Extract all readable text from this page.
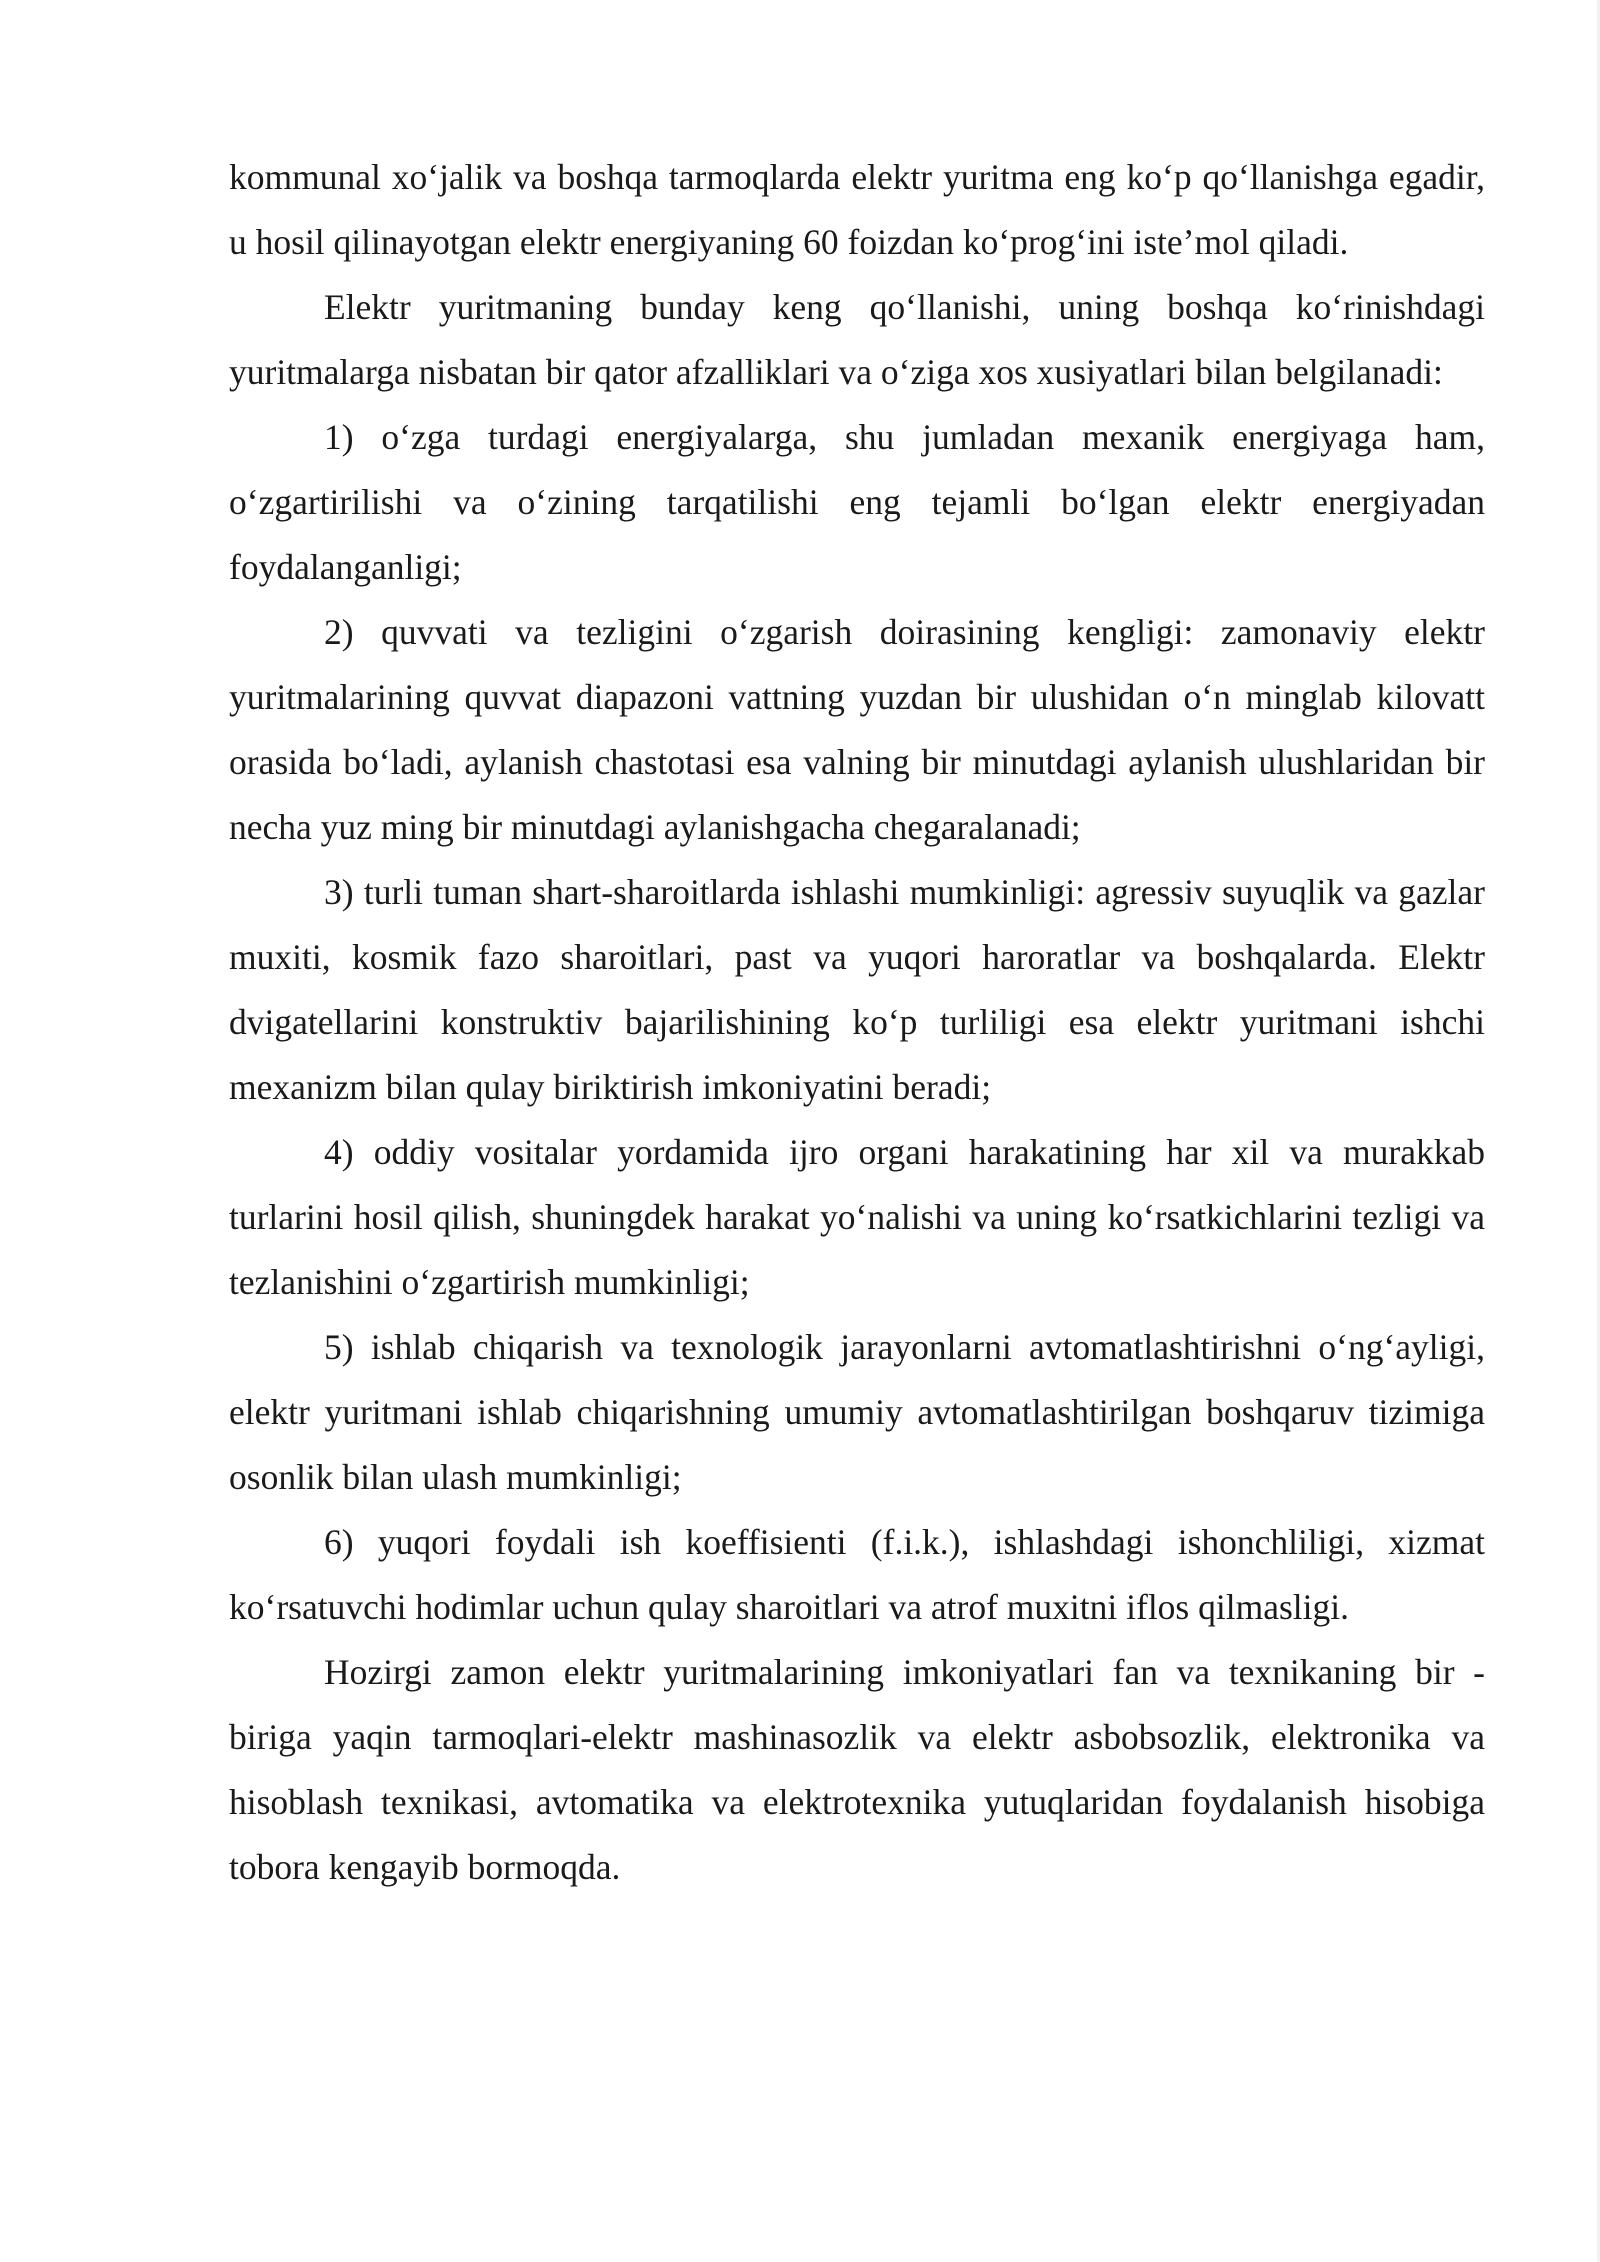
kommunal xoʻjalik va boshqa tarmoqlarda elektr yuritma eng koʻp qoʻllanishga egadir, u hosil qilinayotgan elektr energiyaning 60 foizdan koʻprogʻini isteʼmol qiladi.

Elektr yuritmaning bunday keng qoʻllanishi, uning boshqa koʻrinishdagi yuritmalarga nisbatan bir qator afzalliklari va oʻziga xos xusiyatlari bilan belgilanadi:

1) oʻzga turdagi energiyalarga, shu jumladan mexanik energiyaga ham, oʻzgartirilishi va oʻzining tarqatilishi eng tejamli boʻlgan elektr energiyadan foydalanganligi;

2) quvvati va tezligini oʻzgarish doirasining kengligi: zamonaviy elektr yuritmalarining quvvat diapazoni vattning yuzdan bir ulushidan oʻn minglab kilovatt orasida boʻladi, aylanish chastotasi esa valning bir minutdagi aylanish ulushlaridan bir necha yuz ming bir minutdagi aylanishgacha chegaralanadi;

3) turli tuman shart-sharoitlarda ishlashi mumkinligi: agressiv suyuqlik va gazlar muxiti, kosmik fazo sharoitlari, past va yuqori haroratlar va boshqalarda. Elektr dvigatellarini konstruktiv bajarilishining koʻp turliligi esa elektr yuritmani ishchi mexanizm bilan qulay biriktirish imkoniyatini beradi;

4) oddiy vositalar yordamida ijro organi harakatining har xil va murakkab turlarini hosil qilish, shuningdek harakat yoʻnalishi va uning koʻrsatkichlarini tezligi va tezlanishini oʻzgartirish mumkinligi;

5) ishlab chiqarish va texnologik jarayonlarni avtomatlashtirishni oʻngʻayligi, elektr yuritmani ishlab chiqarishning umumiy avtomatlashtirilgan boshqaruv tizimiga osonlik bilan ulash mumkinligi;

6) yuqori foydali ish koeffisienti (f.i.k.), ishlashdagi ishonchliligi, xizmat koʻrsatuvchi hodimlar uchun qulay sharoitlari va atrof muxitni iflos qilmasligi.

Hozirgi zamon elektr yuritmalarining imkoniyatlari fan va texnikaning bir - biriga yaqin tarmoqlari-elektr mashinasozlik va elektr asbobsozlik, elektronika va hisoblash texnikasi, avtomatika va elektrotexnika yutuqlaridan foydalanish hisobiga tobora kengayib bormoqda.
